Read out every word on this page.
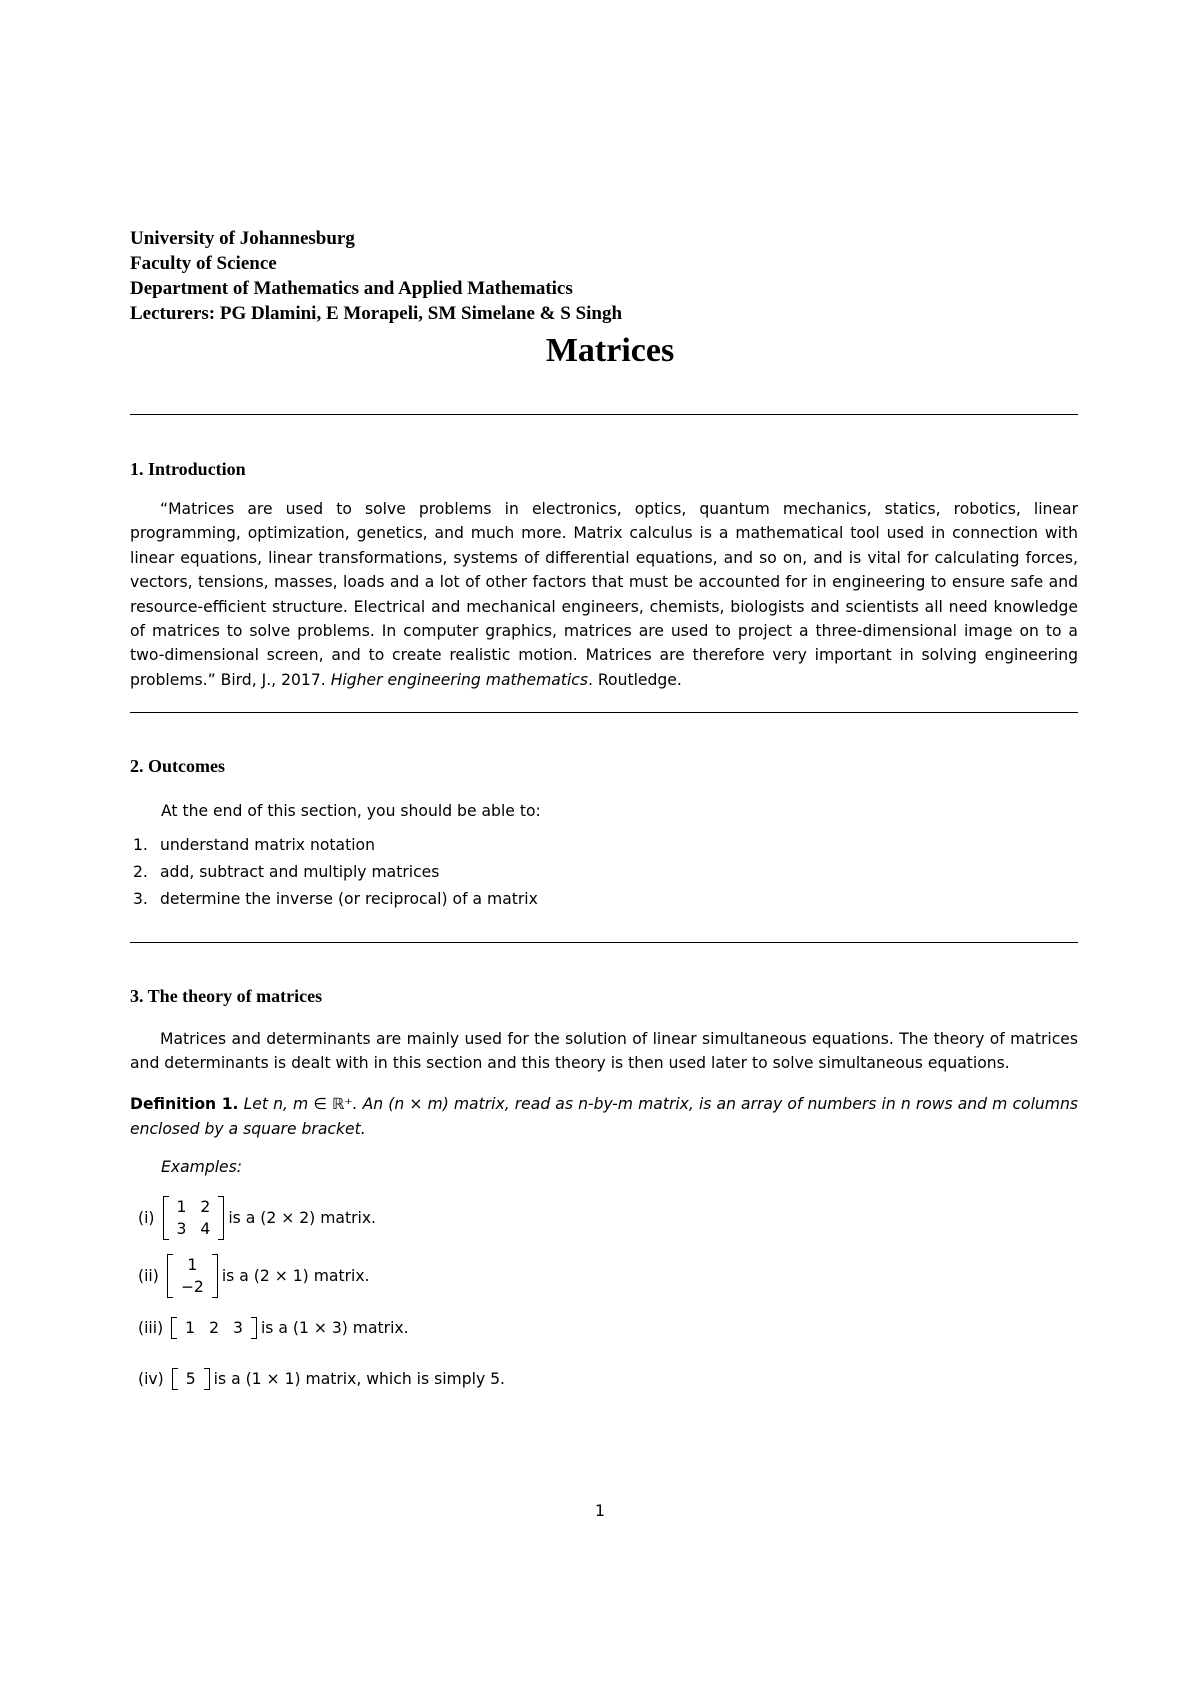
University of Johannesburg
Faculty of Science
Department of Mathematics and Applied Mathematics
Lecturers: PG Dlamini, E Morapeli, SM Simelane & S Singh
Matrices
1. Introduction
“Matrices are used to solve problems in electronics, optics, quantum mechanics, statics, robotics, linear programming, optimization, genetics, and much more. Matrix calculus is a mathematical tool used in connection with linear equations, linear transformations, systems of differential equations, and so on, and is vital for calculating forces, vectors, tensions, masses, loads and a lot of other factors that must be accounted for in engineering to ensure safe and resource-efficient structure. Electrical and mechanical engineers, chemists, biologists and scientists all need knowledge of matrices to solve problems. In computer graphics, matrices are used to project a three-dimensional image on to a two-dimensional screen, and to create realistic motion. Matrices are therefore very important in solving engineering problems.” Bird, J., 2017. Higher engineering mathematics. Routledge.
2. Outcomes
At the end of this section, you should be able to:
1. understand matrix notation
2. add, subtract and multiply matrices
3. determine the inverse (or reciprocal) of a matrix
3. The theory of matrices
Matrices and determinants are mainly used for the solution of linear simultaneous equations. The theory of matrices and determinants is dealt with in this section and this theory is then used later to solve simultaneous equations.
Definition 1. Let n, m ∈ ℝ⁺. An (n × m) matrix, read as n-by-m matrix, is an array of numbers in n rows and m columns enclosed by a square bracket.
Examples:
(i)
1	2
3	4
is a (2 × 2) matrix.
(ii)
1
−2
is a (2 × 1) matrix.
(iii) 1	2	3 is a (1 × 3) matrix.
(iv) 5 is a (1 × 1) matrix, which is simply 5.
1
